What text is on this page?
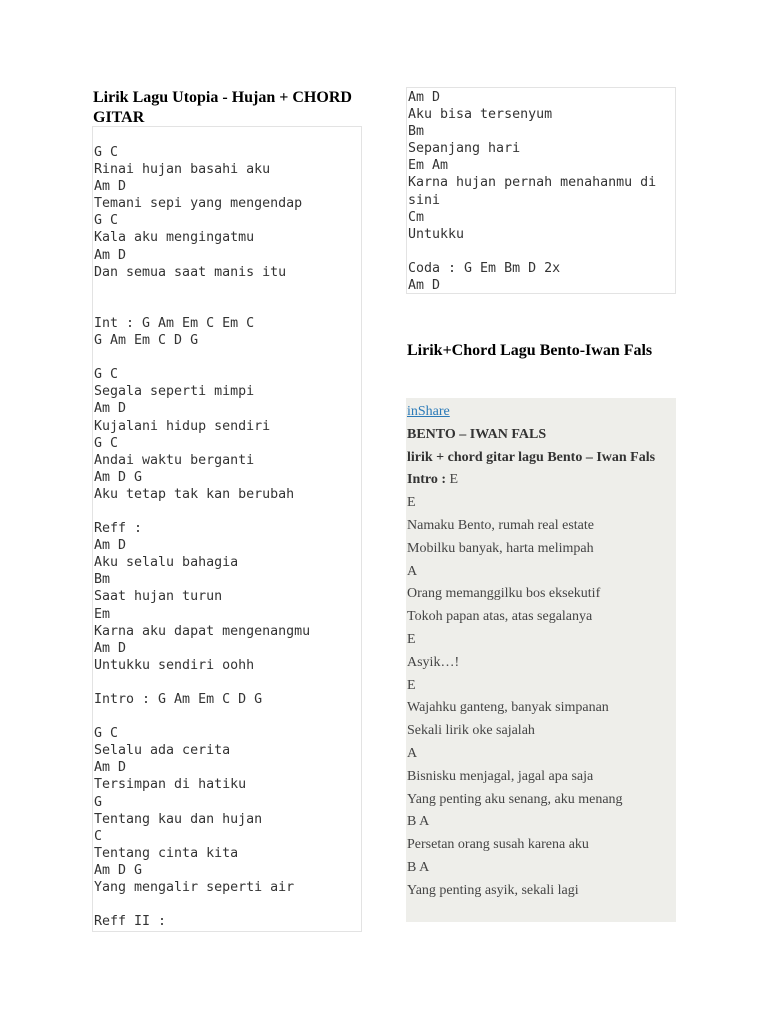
Lirik Lagu Utopia - Hujan + CHORD GITAR
G C
Rinai hujan basahi aku
Am D
Temani sepi yang mengendap
G C
Kala aku mengingatmu
Am D
Dan semua saat manis itu

Int : G Am Em C Em C
G Am Em C D G

G C
Segala seperti mimpi
Am D
Kujalani hidup sendiri
G C
Andai waktu berganti
Am D G
Aku tetap tak kan berubah

Reff :
Am D
Aku selalu bahagia
Bm
Saat hujan turun
Em
Karna aku dapat mengenangmu
Am D
Untukku sendiri oohh

Intro : G Am Em C D G

G C
Selalu ada cerita
Am D
Tersimpan di hatiku
G
Tentang kau dan hujan
C
Tentang cinta kita
Am D G
Yang mengalir seperti air

Reff II :
Am D
Aku bisa tersenyum
Bm
Sepanjang hari
Em Am
Karna hujan pernah menahanmu di sini
Cm
Untukku

Coda : G Em Bm D 2x
Am D
Lirik+Chord Lagu Bento-Iwan Fals
inShare
BENTO – IWAN FALS
lirik + chord gitar lagu Bento – Iwan Fals
Intro : E
E
Namaku Bento, rumah real estate
Mobilku banyak, harta melimpah
A
Orang memanggilku bos eksekutif
Tokoh papan atas, atas segalanya
E
Asyik…!
E
Wajahku ganteng, banyak simpanan
Sekali lirik oke sajalah
A
Bisnisku menjagal, jagal apa saja
Yang penting aku senang, aku menang
B A
Persetan orang susah karena aku
B A
Yang penting asyik, sekali lagi
